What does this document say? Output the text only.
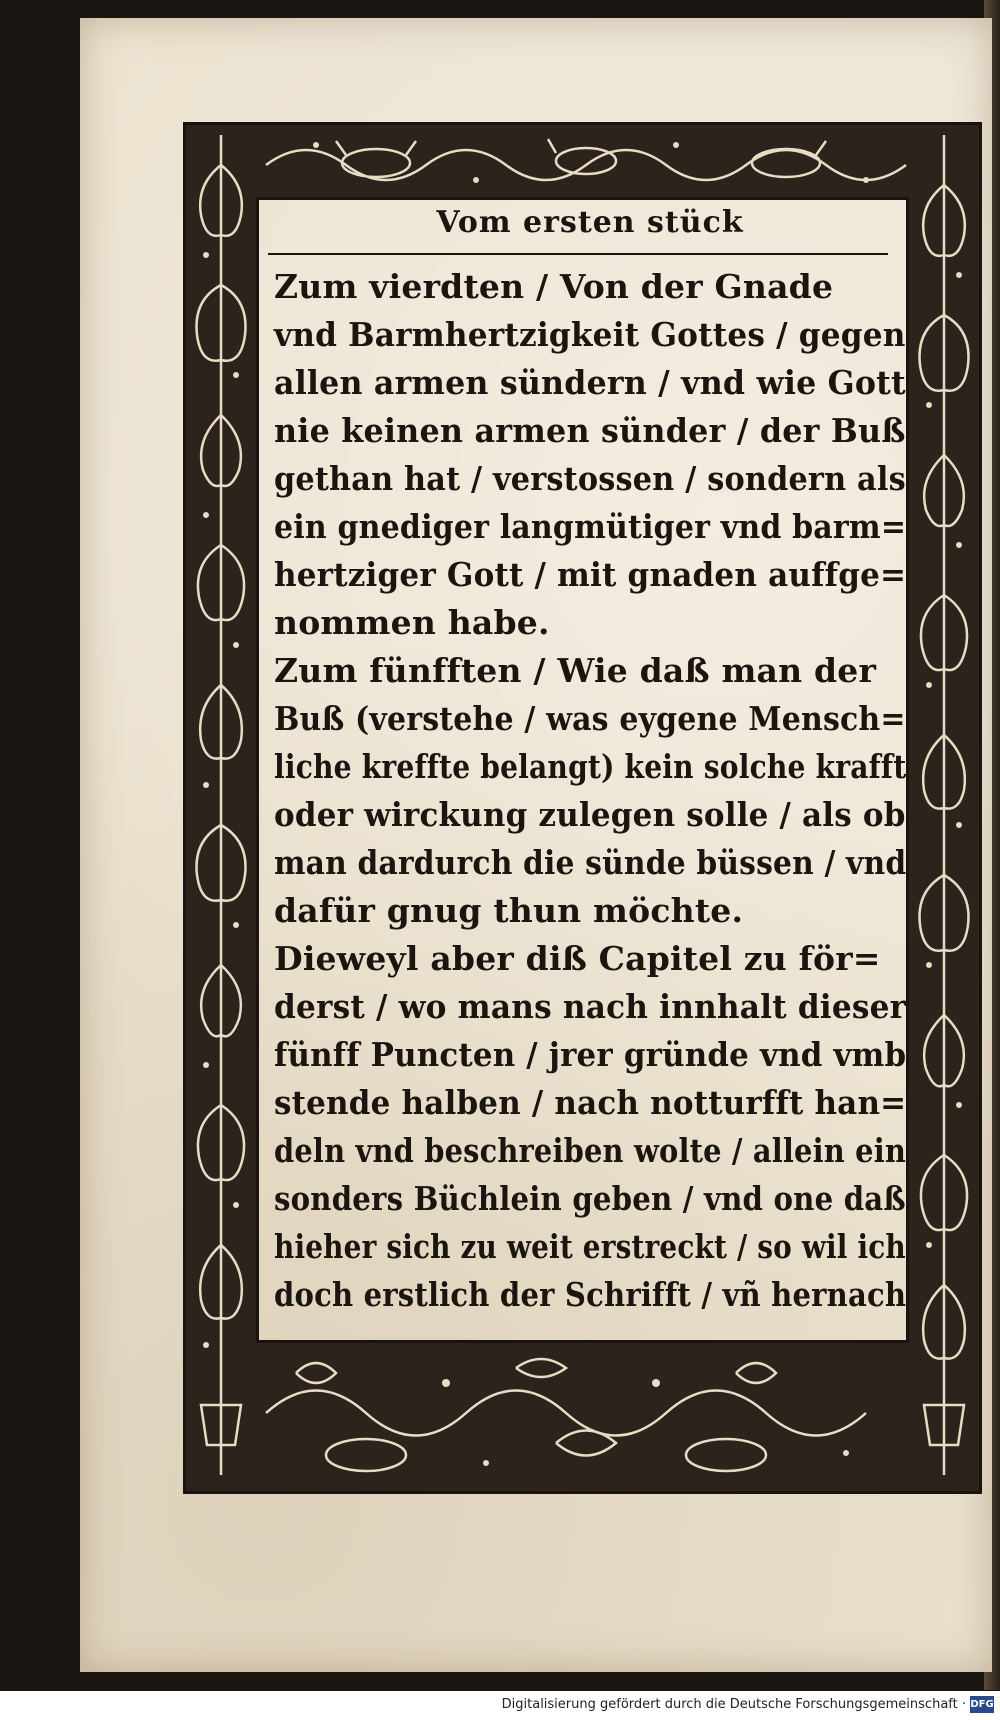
Vom ersten stück
Zum vierdten / Von der Gnade
vnd Barmhertzigkeit Gottes / gegen
allen armen sündern / vnd wie Gott
nie keinen armen sünder / der Buß
gethan hat / verstossen / sondern als
ein gnediger langmütiger vnd barm=
hertziger Gott / mit gnaden auffge=
nommen habe.
Zum fünfften / Wie daß man der
Buß (verstehe / was eygene Mensch=
liche kreffte belangt) kein solche krafft
oder wirckung zulegen solle / als ob
man dardurch die sünde büssen / vnd
dafür gnug thun möchte.
Dieweyl aber diß Capitel zu för=
derst / wo mans nach innhalt dieser
fünff Puncten / jrer gründe vnd vmb
stende halben / nach notturfft han=
deln vnd beschreiben wolte / allein ein
sonders Büchlein geben / vnd one daß
hieher sich zu weit erstreckt / so wil ich
doch erstlich der Schrifft / vñ hernach
Digitalisierung gefördert durch die Deutsche Forschungsgemeinschaft · DFG
